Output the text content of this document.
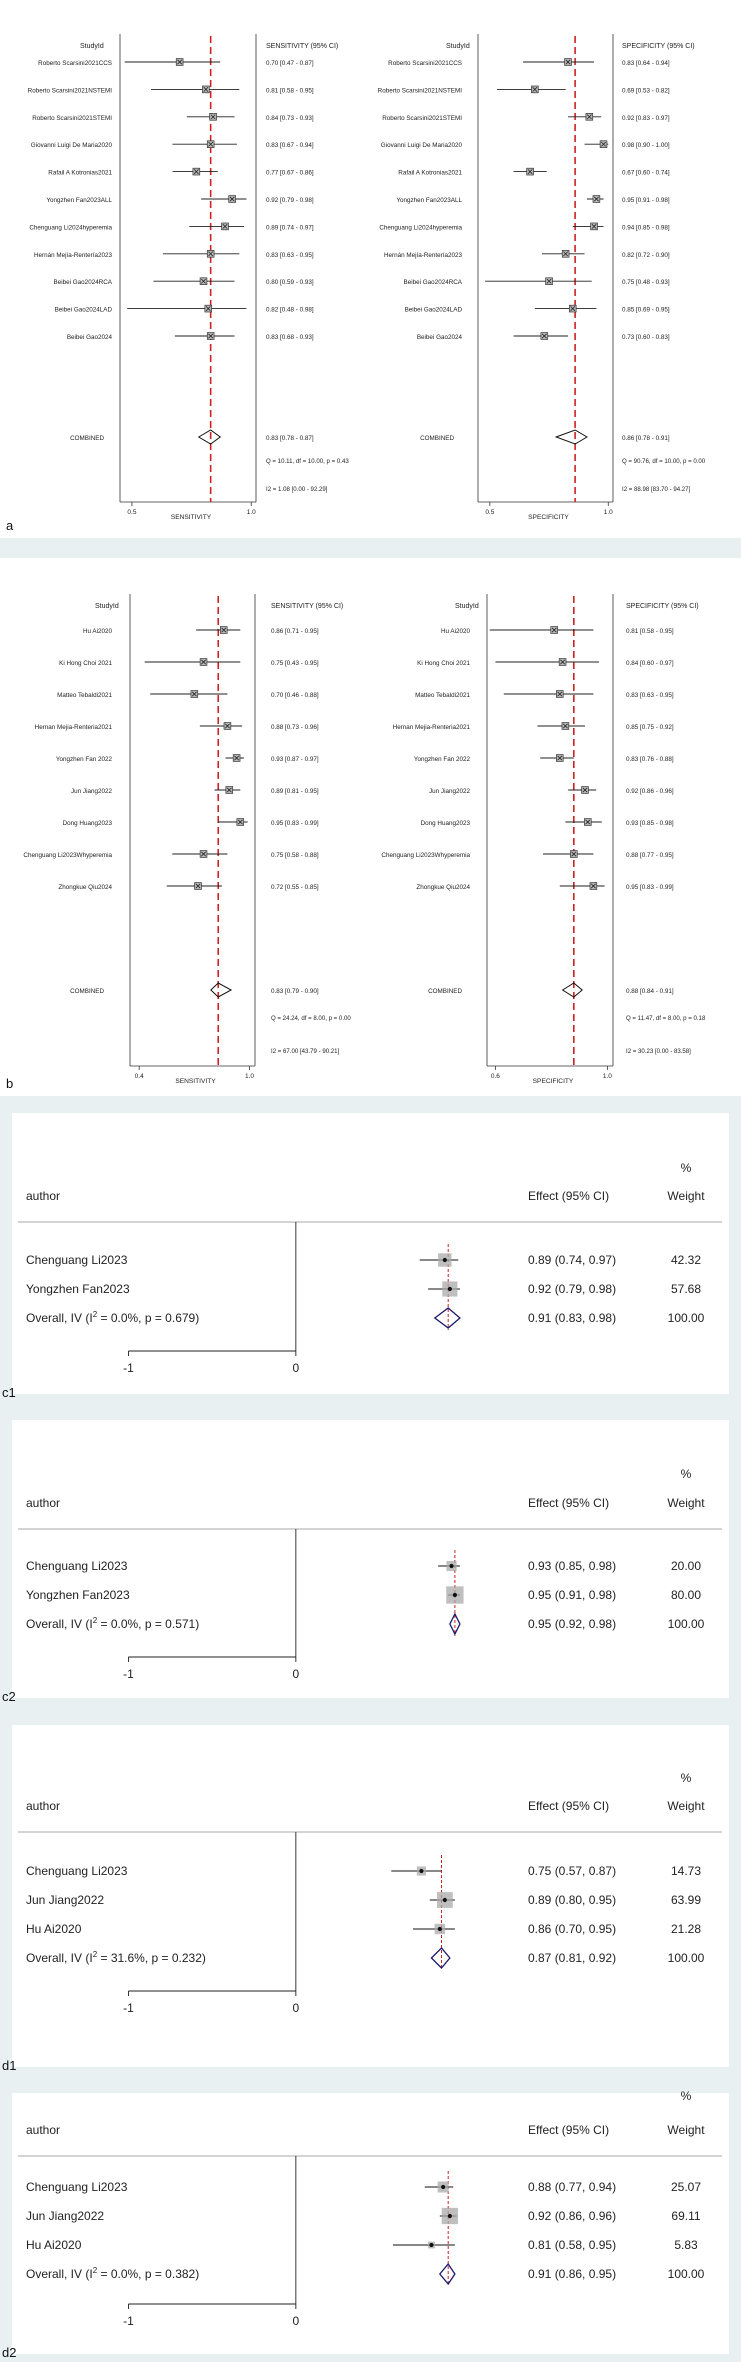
StudyId	SENSITIVITY (95% CI)
Roberto Scarsini2021CCS	0.70 [0.47 - 0.87]
Roberto Scarsini2021NSTEMI	0.81 [0.58 - 0.95]
Roberto Scarsini2021STEMI	0.84 [0.73 - 0.93]
Giovanni Luigi De Maria2020	0.83 [0.67 - 0.94]
Rafail A Kotronias2021	0.77 [0.67 - 0.86]
Yongzhen Fan2023ALL	0.92 [0.79 - 0.98]
Chenguang Li2024hyperemia	0.89 [0.74 - 0.97]
Hernán Mejía-Rentería2023	0.83 [0.63 - 0.95]
Beibei Gao2024RCA	0.80 [0.59 - 0.93]
Beibei Gao2024LAD	0.82 [0.48 - 0.98]
Beibei Gao2024	0.83 [0.68 - 0.93]
COMBINED	0.83 [0.78 - 0.87]
Q = 10.11, df = 10.00, p = 0.43
I2 = 1.08 [0.00 - 92.29]
0.5	1.0
SENSITIVITY
StudyId	SPECIFICITY (95% CI)
Roberto Scarsini2021CCS	0.83 [0.64 - 0.94]
Roberto Scarsini2021NSTEMI	0.69 [0.53 - 0.82]
Roberto Scarsini2021STEMI	0.92 [0.83 - 0.97]
Giovanni Luigi De Maria2020	0.98 [0.90 - 1.00]
Rafail A Kotronias2021	0.67 [0.60 - 0.74]
Yongzhen Fan2023ALL	0.95 [0.91 - 0.98]
Chenguang Li2024hyperemia	0.94 [0.85 - 0.98]
Hernán Mejía-Rentería2023	0.82 [0.72 - 0.90]
Beibei Gao2024RCA	0.75 [0.48 - 0.93]
Beibei Gao2024LAD	0.85 [0.69 - 0.95]
Beibei Gao2024	0.73 [0.60 - 0.83]
COMBINED	0.86 [0.78 - 0.91]
Q = 90.76, df = 10.00, p = 0.00
I2 = 88.98 [83.70 - 94.27]
0.5	1.0
SPECIFICITY
a
StudyId	SENSITIVITY (95% CI)
Hu Ai2020	0.86 [0.71 - 0.95]
Ki Hong Choi 2021	0.75 [0.43 - 0.95]
Matteo Tebaldi2021	0.70 [0.46 - 0.88]
Hernan Mejia-Renteria2021	0.88 [0.73 - 0.96]
Yongzhen Fan 2022	0.93 [0.87 - 0.97]
Jun Jiang2022	0.89 [0.81 - 0.95]
Dong Huang2023	0.95 [0.83 - 0.99]
Chenguang Li2023Whyperemia	0.75 [0.58 - 0.88]
Zhongkue Qiu2024	0.72 [0.55 - 0.85]
COMBINED	0.83 [0.79 - 0.90]
Q = 24.24, df = 8.00, p = 0.00
I2 = 67.00 [43.79 - 90.21]
0.4	1.0
SENSITIVITY
StudyId	SPECIFICITY (95% CI)
Hu Ai2020	0.81 [0.58 - 0.95]
Ki Hong Choi 2021	0.84 [0.60 - 0.97]
Matteo Tebaldi2021	0.83 [0.63 - 0.95]
Hernan Mejia-Renteria2021	0.85 [0.75 - 0.92]
Yongzhen Fan 2022	0.83 [0.76 - 0.88]
Jun Jiang2022	0.92 [0.86 - 0.96]
Dong Huang2023	0.93 [0.85 - 0.98]
Chenguang Li2023Whyperemia	0.88 [0.77 - 0.95]
Zhongkue Qiu2024	0.95 [0.83 - 0.99]
COMBINED	0.88 [0.84 - 0.91]
Q = 11.47, df = 8.00, p = 0.18
I2 = 30.23 [0.00 - 83.58]
0.6	1.0
SPECIFICITY
b
%
author	Effect (95% CI)	Weight
Chenguang Li2023	0.89 (0.74, 0.97)	42.32
Yongzhen Fan2023	0.92 (0.79, 0.98)	57.68
Overall, IV ($I^2 = 0.0\%$, p = 0.679)	0.91 (0.83, 0.98)	100.00
-1	0
c1
%
author	Effect (95% CI)	Weight
Chenguang Li2023	0.93 (0.85, 0.98)	20.00
Yongzhen Fan2023	0.95 (0.91, 0.98)	80.00
Overall, IV ($I^2 = 0.0\%$, p = 0.571)	0.95 (0.92, 0.98)	100.00
-1	0
c2
%
author	Effect (95% CI)	Weight
Chenguang Li2023	0.75 (0.57, 0.87)	14.73
Jun Jiang2022	0.89 (0.80, 0.95)	63.99
Hu Ai2020	0.86 (0.70, 0.95)	21.28
Overall, IV ($I^2 = 31.6\%$, p = 0.232)	0.87 (0.81, 0.92)	100.00
-1	0
d1
%
author	Effect (95% CI)	Weight
Chenguang Li2023	0.88 (0.77, 0.94)	25.07
Jun Jiang2022	0.92 (0.86, 0.96)	69.11
Hu Ai2020	0.81 (0.58, 0.95)	5.83
Overall, IV ($I^2 = 0.0\%$, p = 0.382)	0.91 (0.86, 0.95)	100.00
-1	0
d2
